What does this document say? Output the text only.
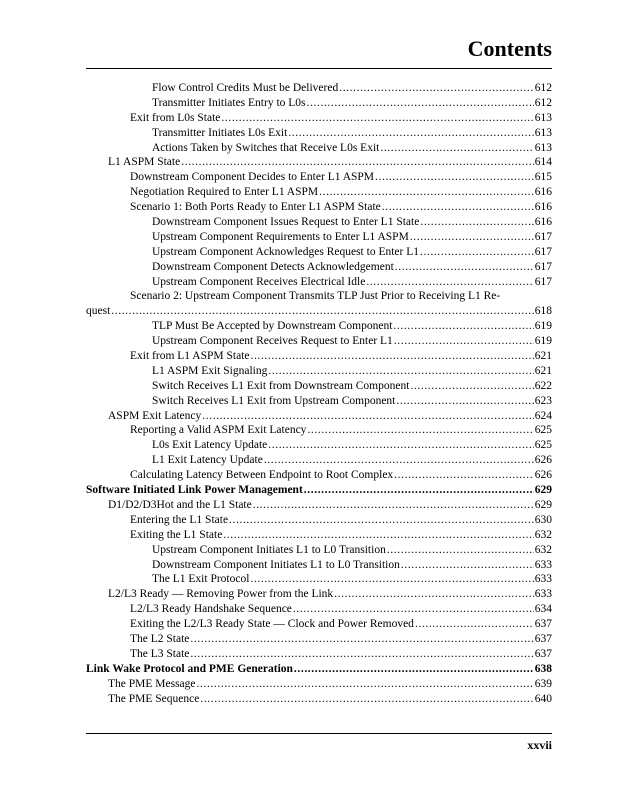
Contents
Flow Control Credits Must be Delivered .....	612
Transmitter Initiates Entry to L0s .....	612
Exit from L0s State .....	613
Transmitter Initiates L0s Exit .....	613
Actions Taken by Switches that Receive L0s Exit .....	613
L1 ASPM State .....	614
Downstream Component Decides to Enter L1 ASPM .....	615
Negotiation Required to Enter L1 ASPM .....	616
Scenario 1: Both Ports Ready to Enter L1 ASPM State .....	616
Downstream Component Issues Request to Enter L1 State .....	616
Upstream Component Requirements to Enter L1 ASPM .....	617
Upstream Component Acknowledges Request to Enter L1 .....	617
Downstream Component Detects Acknowledgement .....	617
Upstream Component Receives Electrical Idle .....	617
Scenario 2: Upstream Component Transmits TLP Just Prior to Receiving L1 Re-
quest .....	618
TLP Must Be Accepted by Downstream Component .....	619
Upstream Component Receives Request to Enter L1 .....	619
Exit from L1 ASPM State .....	621
L1 ASPM Exit Signaling .....	621
Switch Receives L1 Exit from Downstream Component .....	622
Switch Receives L1 Exit from Upstream Component .....	623
ASPM Exit Latency .....	624
Reporting a Valid ASPM Exit Latency .....	625
L0s Exit Latency Update .....	625
L1 Exit Latency Update .....	626
Calculating Latency Between Endpoint to Root Complex .....	626
Software Initiated Link Power Management .....	629
D1/D2/D3Hot and the L1 State .....	629
Entering the L1 State .....	630
Exiting the L1 State .....	632
Upstream Component Initiates L1 to L0 Transition .....	632
Downstream Component Initiates L1 to L0 Transition .....	633
The L1 Exit Protocol .....	633
L2/L3 Ready — Removing Power from the Link .....	633
L2/L3 Ready Handshake Sequence .....	634
Exiting the L2/L3 Ready State — Clock and Power Removed .....	637
The L2 State .....	637
The L3 State .....	637
Link Wake Protocol and PME Generation .....	638
The PME Message .....	639
The PME Sequence .....	640
xxvii
